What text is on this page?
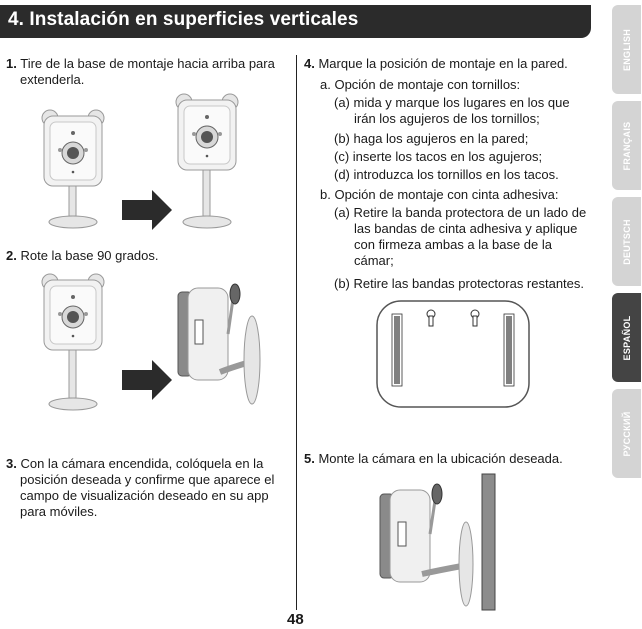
4. Instalación en superficies verticales
ENGLISH
FRANÇAIS
DEUTSCH
ESPAÑOL
РУССКИЙ
1. Tire de la base de montaje hacia arriba para
extenderla.
2. Rote la base 90 grados.
3. Con la cámara encendida, colóquela en la
posición deseada y confirme que aparece el
campo de visualización deseado en su app
para móviles.
4. Marque la posición de montaje en la pared.
a. Opción de montaje con tornillos:
(a) mida y marque los lugares en los que
irán los agujeros de los tornillos;
(b) haga los agujeros en la pared;
(c) inserte los tacos en los agujeros;
(d) introduzca los tornillos en los tacos.
b. Opción de montaje con cinta adhesiva:
(a) Retire la banda protectora de un lado de
las bandas de cinta adhesiva y aplique
con firmeza ambas a la base de la
cámar;
(b) Retire las bandas protectoras restantes.
5. Monte la cámara en la ubicación deseada.
48
